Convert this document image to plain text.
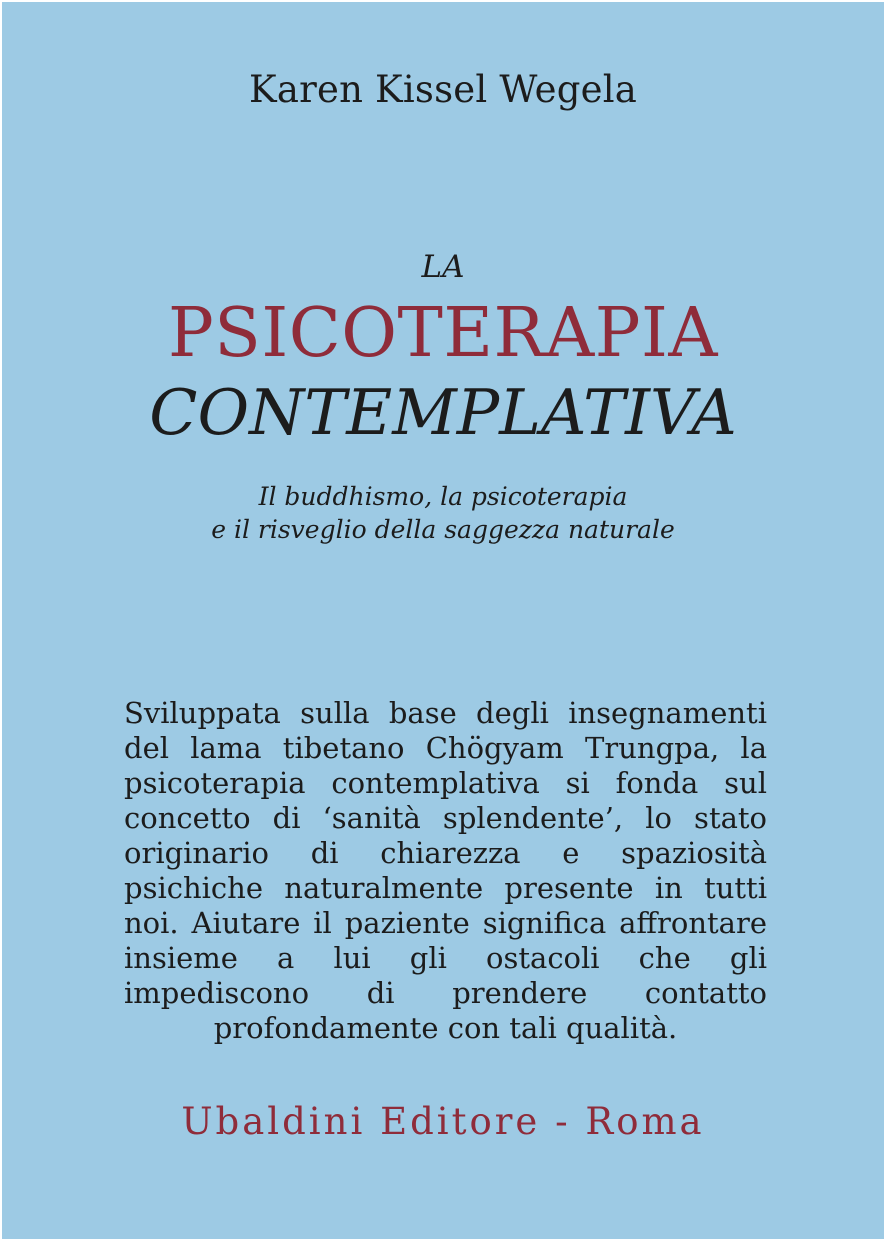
Karen Kissel Wegela
LA
PSICOTERAPIA
CONTEMPLATIVA
Il buddhismo, la psicoterapia
e il risveglio della saggezza naturale
Sviluppata sulla base degli insegnamenti del lama tibetano Chögyam Trungpa, la psicoterapia contemplativa si fonda sul concetto di ‘sanità splendente’, lo stato originario di chiarezza e spaziosità psichiche naturalmente presente in tutti noi. Aiutare il paziente significa affrontare insieme a lui gli ostacoli che gli impediscono di prendere contatto profondamente con tali qualità.
Ubaldini Editore - Roma
